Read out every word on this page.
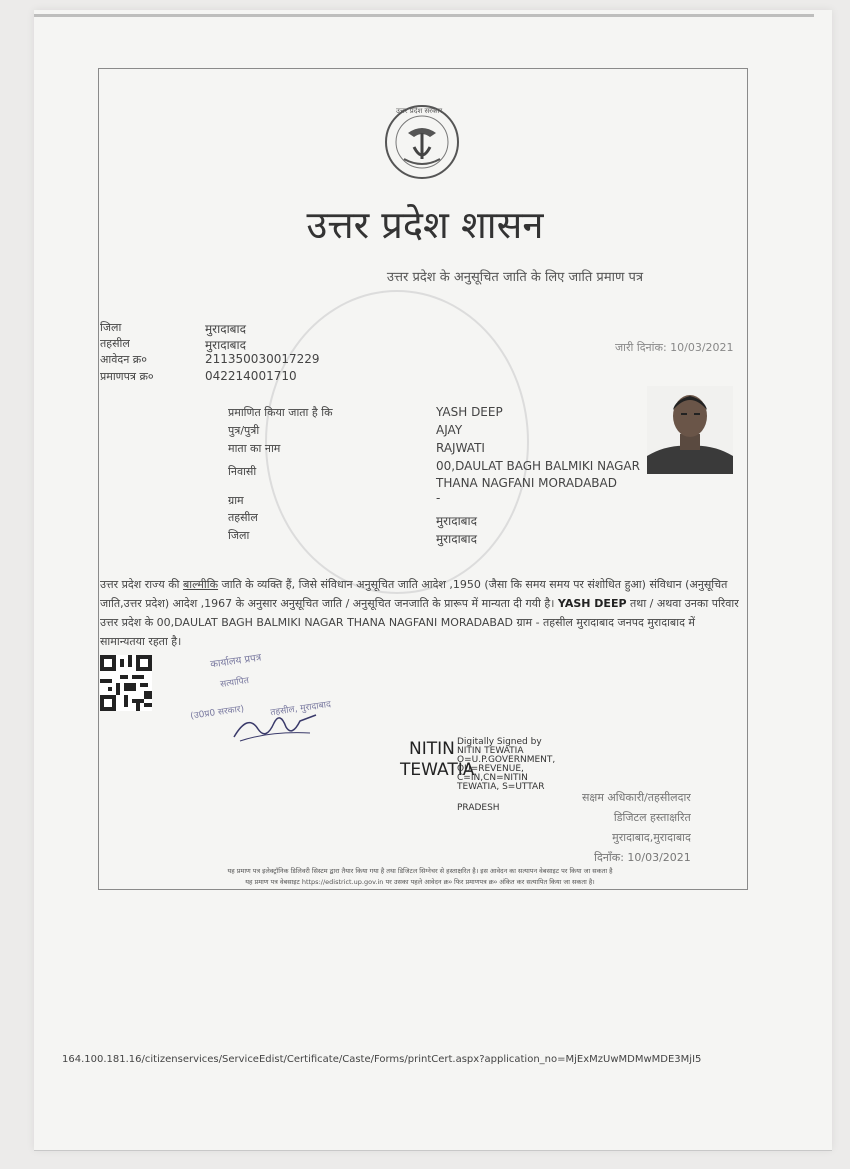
उत्तर प्रदेश सरकार
उत्तर प्रदेश शासन
उत्तर प्रदेश के अनुसूचित जाति के लिए जाति प्रमाण पत्र
जिला	मुरादाबाद
तहसील	मुरादाबाद
आवेदन क्र०	211350030017229
प्रमाणपत्र क्र०	042214001710
जारी दिनांक: 10/03/2021
प्रमाणित किया जाता है कि	YASH DEEP
पुत्र/पुत्री	AJAY
माता का नाम	RAJWATI
निवासी	00,DAULAT BAGH BALMIKI NAGAR
THANA NAGFANI MORADABAD
ग्राम	-
तहसील	मुरादाबाद
जिला	मुरादाबाद
उत्तर प्रदेश राज्य की बाल्मीकि जाति के व्यक्ति हैं, जिसे संविधान अनुसूचित जाति आदेश ,1950 (जैसा कि समय समय पर संशोधित हुआ) संविधान (अनुसूचित जाति,उत्तर प्रदेश) आदेश ,1967 के अनुसार अनुसूचित जाति / अनुसूचित जनजाति के प्रारूप में मान्यता दी गयी है। YASH DEEP तथा / अथवा उनका परिवार उत्तर प्रदेश के 00,DAULAT BAGH BALMIKI NAGAR THANA NAGFANI MORADABAD ग्राम - तहसील मुरादाबाद जनपद मुरादाबाद में सामान्यतया रहता है।
कार्यालय प्रपत्र
सत्यापित
(उ0प्र0 सरकार)	तहसील, मुरादाबाद
NITIN
TEWATIA
Digitally Signed by
NITIN TEWATIA
O=U.P.GOVERNMENT,
OU=REVENUE,
C=IN,CN=NITIN
TEWATIA, S=UTTAR
PRADESH
सक्षम अधिकारी/तहसीलदार
डिजिटल हस्ताक्षरित
मुरादाबाद,मुरादाबाद
दिनाँक: 10/03/2021
यह प्रमाण पत्र इलेक्ट्रॉनिक डिलिवरी सिस्टम द्वारा तैयार किया गया है तथा डिजिटल सिग्नेचर से हस्ताक्षरित है। इस आवेदन का सत्यापन वेबसाइट पर किया जा सकता है
यह प्रमाण पत्र वेबसाइट https://edistrict.up.gov.in पर उसका पहले आवेदन क्र० फिर प्रमाणपत्र क्र० अंकित कर सत्यापित किया जा सकता है।
164.100.181.16/citizenservices/ServiceEdist/Certificate/Caste/Forms/printCert.aspx?application_no=MjExMzUwMDMwMDE3MjI5
